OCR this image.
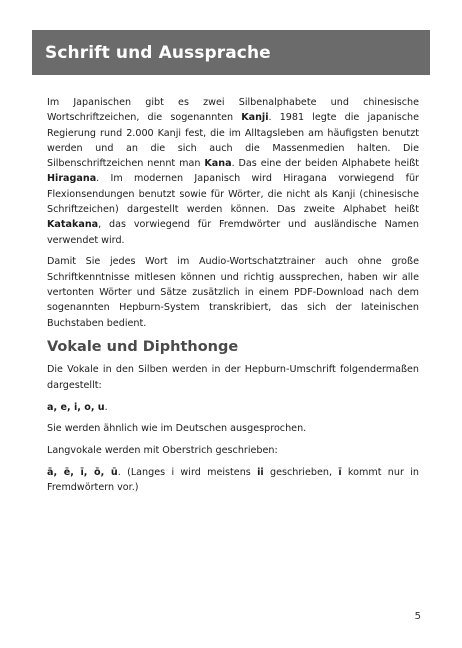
Schrift und Aussprache

Im Japanischen gibt es zwei Silbenalphabete und chinesische Wortschriftzeichen, die sogenannten Kanji. 1981 legte die japanische Regierung rund 2.000 Kanji fest, die im Alltagsleben am häufigsten benutzt werden und an die sich auch die Massenmedien halten. Die Silbenschriftzeichen nennt man Kana. Das eine der beiden Alphabete heißt Hiragana. Im modernen Japanisch wird Hiragana vorwiegend für Flexionsendungen benutzt sowie für Wörter, die nicht als Kanji (chinesische Schriftzeichen) dargestellt werden können. Das zweite Alphabet heißt Katakana, das vorwiegend für Fremdwörter und ausländische Namen verwendet wird.

Damit Sie jedes Wort im Audio-Wortschatztrainer auch ohne große Schriftkenntnisse mitlesen können und richtig aussprechen, haben wir alle vertonten Wörter und Sätze zusätzlich in einem PDF-Download nach dem sogenannten Hepburn-System transkribiert, das sich der lateinischen Buchstaben bedient.

Vokale und Diphthonge

Die Vokale in den Silben werden in der Hepburn-Umschrift folgendermaßen dargestellt:

a, e, i, o, u.

Sie werden ähnlich wie im Deutschen ausgesprochen.

Langvokale werden mit Oberstrich geschrieben:

ā, ē, ī, ō, ū. (Langes i wird meistens ii geschrieben, ī kommt nur in Fremdwörtern vor.)

5
